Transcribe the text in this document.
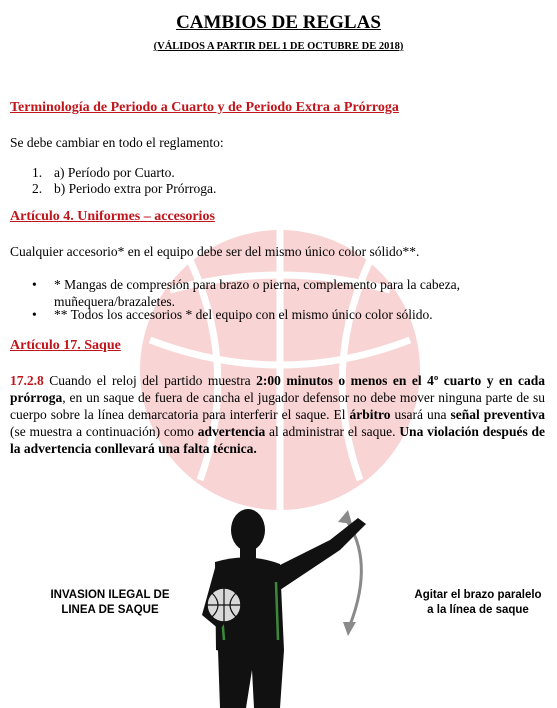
CAMBIOS DE REGLAS
(VÁLIDOS A PARTIR DEL 1 DE OCTUBRE DE 2018)
Terminología de Periodo a Cuarto y de Periodo Extra a Prórroga
Se debe cambiar en todo el reglamento:
1. a) Período por Cuarto.
2. b) Periodo extra por Prórroga.
Artículo 4. Uniformes – accesorios
Cualquier accesorio* en el equipo debe ser del mismo único color sólido**.
• * Mangas de compresión para brazo o pierna, complemento para la cabeza, muñequera/brazaletes.
• ** Todos los accesorios * del equipo con el mismo único color sólido.
Artículo 17. Saque
17.2.8 Cuando el reloj del partido muestra 2:00 minutos o menos en el 4º cuarto y en cada prórroga, en un saque de fuera de cancha el jugador defensor no debe mover ninguna parte de su cuerpo sobre la línea demarcatoria para interferir el saque. El árbitro usará una señal preventiva (se muestra a continuación) como advertencia al administrar el saque. Una violación después de la advertencia conllevará una falta técnica.
INVASION ILEGAL DE
LINEA DE SAQUE
Agitar el brazo paralelo
a la línea de saque
